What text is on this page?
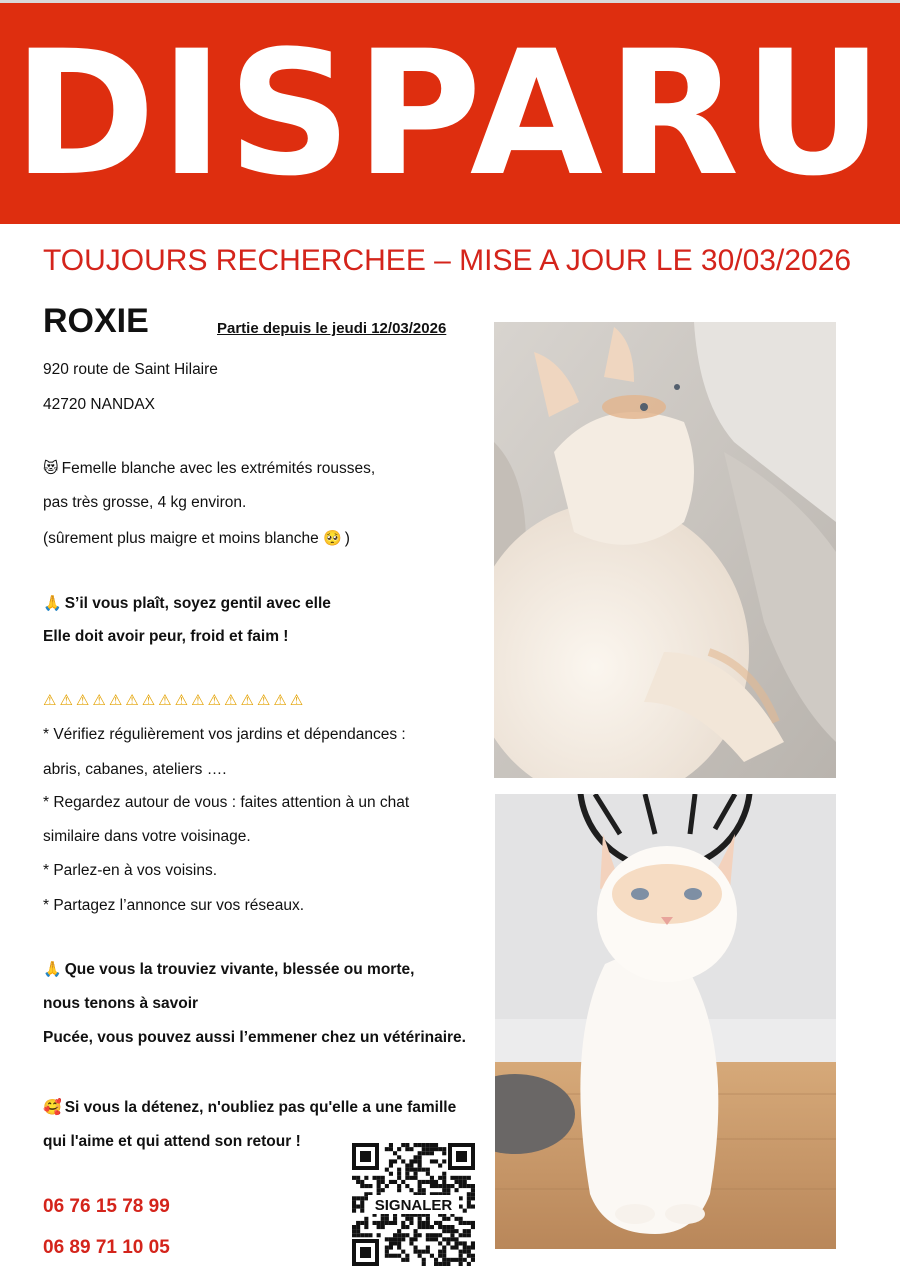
DISPARU
TOUJOURS RECHERCHEE – MISE A JOUR LE 30/03/2026
ROXIE	Partie depuis le jeudi 12/03/2026
920 route de Saint Hilaire
42720 NANDAX
😻 Femelle blanche avec les extrémités rousses,
pas très grosse, 4 kg environ.
(sûrement plus maigre et moins blanche 🥺 )
🙏 S’il vous plaît, soyez gentil avec elle
Elle doit avoir peur, froid et faim !
⚠⚠⚠⚠⚠⚠⚠⚠⚠⚠⚠⚠⚠⚠⚠⚠
* Vérifiez régulièrement vos jardins et dépendances :
abris, cabanes, ateliers ….
* Regardez autour de vous : faites attention à un chat
similaire dans votre voisinage.
* Parlez-en à vos voisins.
* Partagez l’annonce sur vos réseaux.
🙏 Que vous la trouviez vivante, blessée ou morte,
nous tenons à savoir
Pucée, vous pouvez aussi l’emmener chez un vétérinaire.
🥰 Si vous la détenez, n'oubliez pas qu'elle a une famille
qui l'aime et qui attend son retour !
06 76 15 78 99
06 89 71 10 05
SIGNALER
